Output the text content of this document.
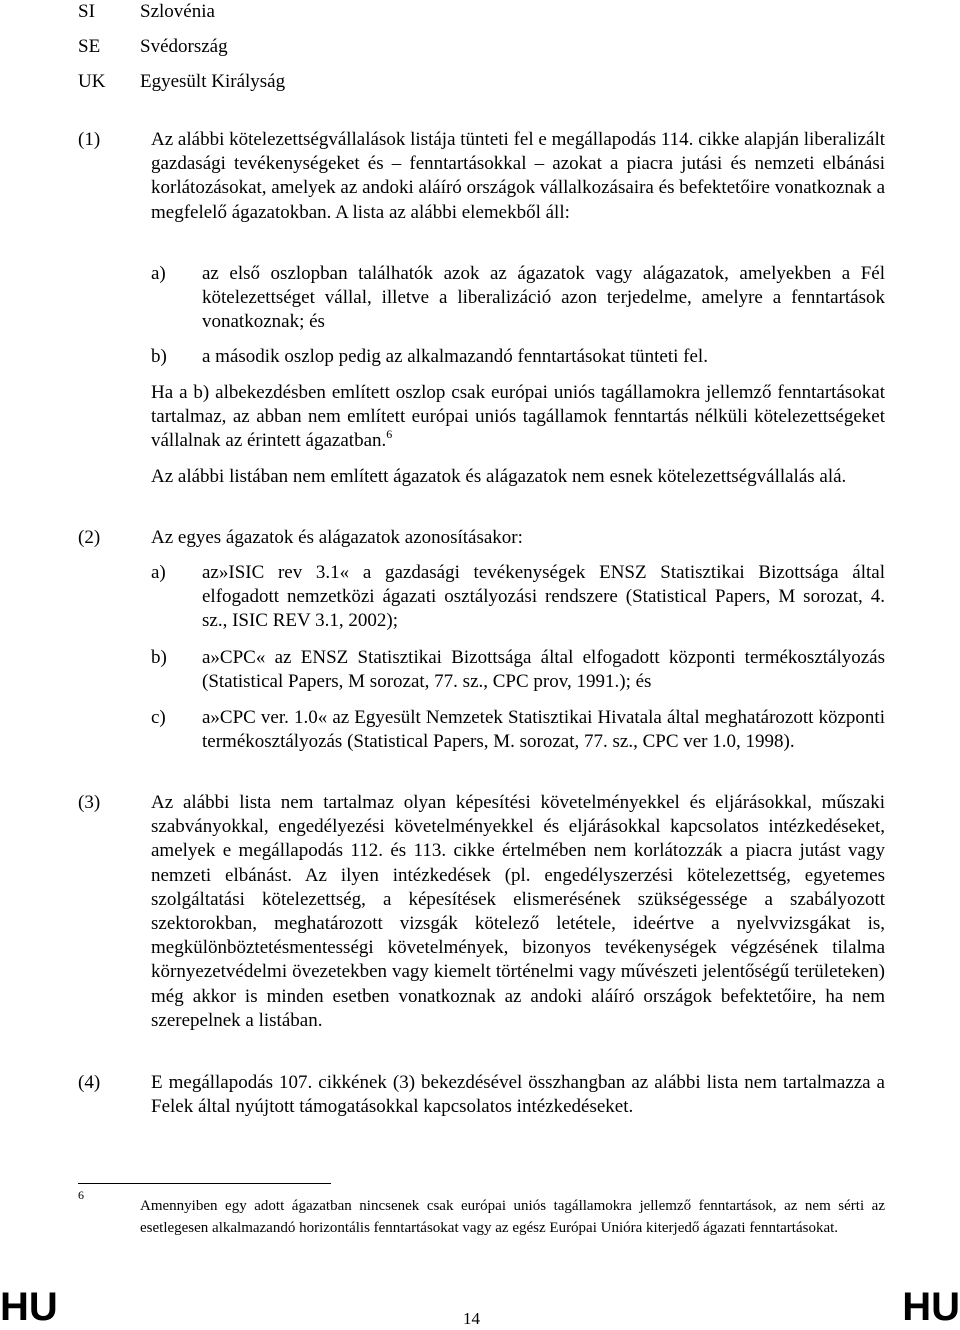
SI Szlovénia
SE Svédország
UK Egyesült Királyság
(1)	Az alábbi kötelezettségvállalások listája tünteti fel e megállapodás 114. cikke alapján liberalizált gazdasági tevékenységeket és – fenntartásokkal – azokat a piacra jutási és nemzeti elbánási korlátozásokat, amelyek az andoki aláíró országok vállalkozásaira és befektetőire vonatkoznak a megfelelő ágazatokban. A lista az alábbi elemekből áll:
a) az első oszlopban találhatók azok az ágazatok vagy alágazatok, amelyekben a Fél kötelezettséget vállal, illetve a liberalizáció azon terjedelme, amelyre a fenntartások vonatkoznak; és
b) a második oszlop pedig az alkalmazandó fenntartásokat tünteti fel.
Ha a b) albekezdésben említett oszlop csak európai uniós tagállamokra jellemző fenntartásokat tartalmaz, az abban nem említett európai uniós tagállamok fenntartás nélküli kötelezettségeket vállalnak az érintett ágazatban.$^6$
Az alábbi listában nem említett ágazatok és alágazatok nem esnek kötelezettségvállalás alá.
(2)	Az egyes ágazatok és alágazatok azonosításakor:
a) az»ISIC rev 3.1« a gazdasági tevékenységek ENSZ Statisztikai Bizottsága által elfogadott nemzetközi ágazati osztályozási rendszere (Statistical Papers, M sorozat, 4. sz., ISIC REV 3.1, 2002);
b) a»CPC« az ENSZ Statisztikai Bizottsága által elfogadott központi termékosztályozás (Statistical Papers, M sorozat, 77. sz., CPC prov, 1991.); és
c) a»CPC ver. 1.0« az Egyesült Nemzetek Statisztikai Hivatala által meghatározott központi termékosztályozás (Statistical Papers, M. sorozat, 77. sz., CPC ver 1.0, 1998).
(3)	Az alábbi lista nem tartalmaz olyan képesítési követelményekkel és eljárásokkal, műszaki szabványokkal, engedélyezési követelményekkel és eljárásokkal kapcsolatos intézkedéseket, amelyek e megállapodás 112. és 113. cikke értelmében nem korlátozzák a piacra jutást vagy nemzeti elbánást. Az ilyen intézkedések (pl. engedélyszerzési kötelezettség, egyetemes szolgáltatási kötelezettség, a képesítések elismerésének szükségessége a szabályozott szektorokban, meghatározott vizsgák kötelező letétele, ideértve a nyelvvizsgákat is, megkülönböztetésmentességi követelmények, bizonyos tevékenységek végzésének tilalma környezetvédelmi övezetekben vagy kiemelt történelmi vagy művészeti jelentőségű területeken) még akkor is minden esetben vonatkoznak az andoki aláíró országok befektetőire, ha nem szerepelnek a listában.
(4)	E megállapodás 107. cikkének (3) bekezdésével összhangban az alábbi lista nem tartalmazza a Felek által nyújtott támogatásokkal kapcsolatos intézkedéseket.
6
Amennyiben egy adott ágazatban nincsenek csak európai uniós tagállamokra jellemző fenntartások, az nem sérti az esetlegesen alkalmazandó horizontális fenntartásokat vagy az egész Európai Unióra kiterjedő ágazati fenntartásokat.
HU	14	HU
